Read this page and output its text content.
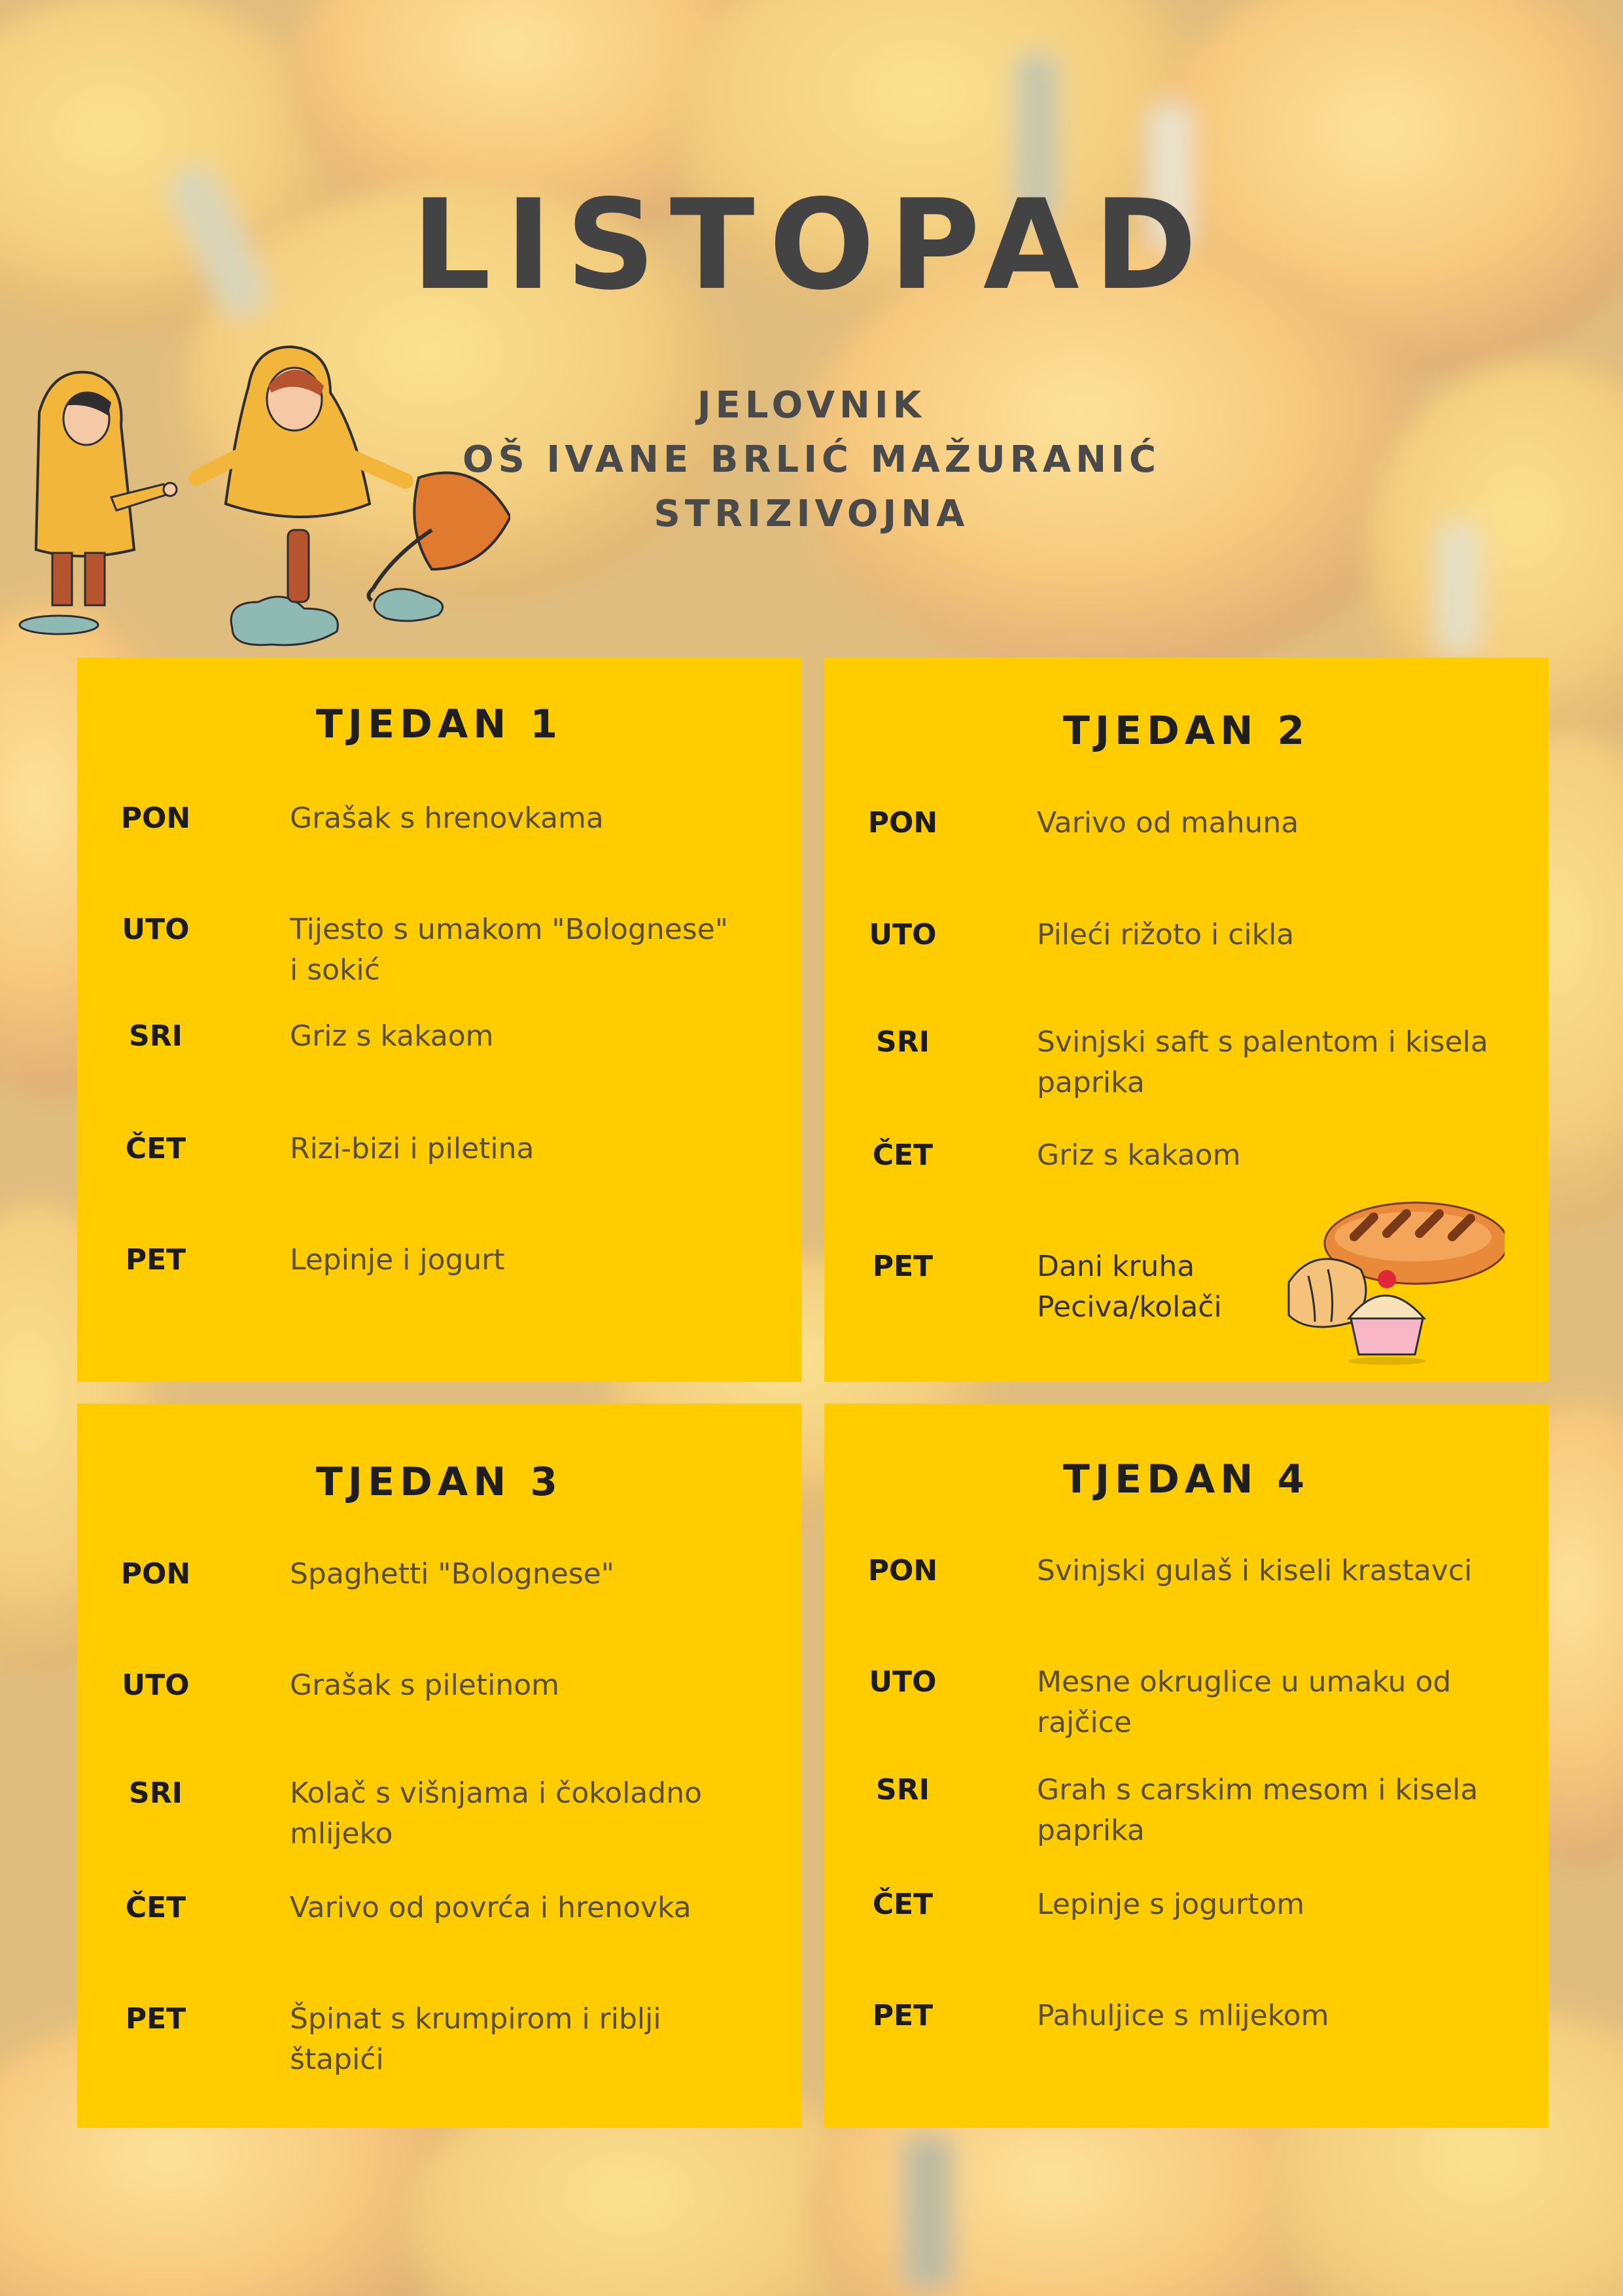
LISTOPAD
JELOVNIK
OŠ IVANE BRLIĆ MAŽURANIĆ
STRIZIVOJNA
TJEDAN 1
PON	Grašak s hrenovkama
UTO	Tijesto s umakom "Bolognese"
i sokić
SRI	Griz s kakaom
ČET	Rizi-bizi i piletina
PET	Lepinje i jogurt
TJEDAN 2
PON	Varivo od mahuna
UTO	Pileći rižoto i cikla
SRI	Svinjski saft s palentom i kisela
paprika
ČET	Griz s kakaom
PET	Dani kruha
Peciva/kolači
TJEDAN 3
PON	Spaghetti "Bolognese"
UTO	Grašak s piletinom
SRI	Kolač s višnjama i čokoladno
mlijeko
ČET	Varivo od povrća i hrenovka
PET	Špinat s krumpirom i riblji
štapići
TJEDAN 4
PON	Svinjski gulaš i kiseli krastavci
UTO	Mesne okruglice u umaku od
rajčice
SRI	Grah s carskim mesom i kisela
paprika
ČET	Lepinje s jogurtom
PET	Pahuljice s mlijekom
